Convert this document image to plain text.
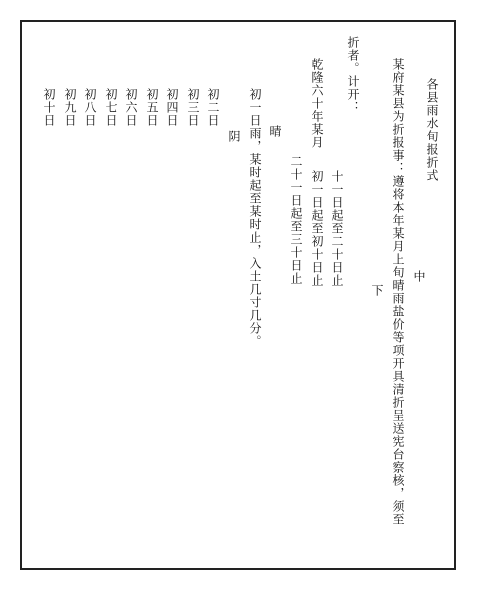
各县雨水旬报折式

某府某县为折报事：遵将本年某月上旬晴雨盐价等项开具清折呈送宪台察核，须至 中

下

折者。计开：

乾隆六十年某月

十一日起至二十日止

初一日起至初十日止

二十一日起至三十日止

晴

初一日雨，某时起至某时止，入土几寸几分。

阴

初二日

初三日

初四日

初五日

初六日

初七日

初八日

初九日

初十日
